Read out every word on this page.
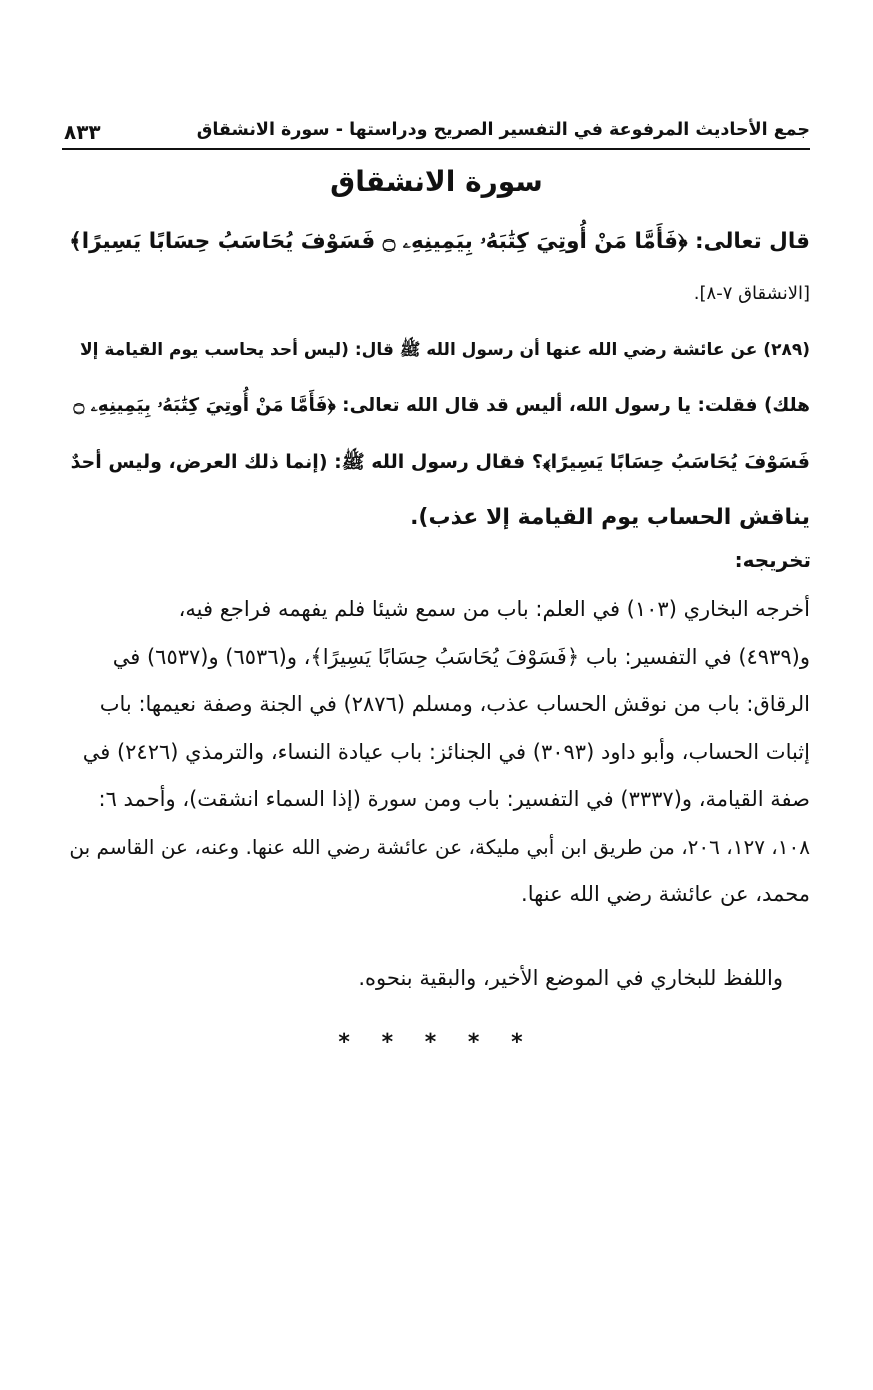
جمع الأحاديث المرفوعة في التفسير الصريح ودراستها - سورة الانشقاق
٨٣٣
سورة الانشقاق
قال تعالى: ﴿فَأَمَّا مَنْ أُوتِيَ كِتَٰبَهُۥ بِيَمِينِهِۦ ۝ فَسَوْفَ يُحَاسَبُ حِسَابًا يَسِيرًا﴾
[الانشقاق ٧-٨].
(٢٨٩) عن عائشة رضي الله عنها أن رسول الله ﷺ قال: (ليس أحد يحاسب يوم القيامة إلا
هلك) فقلت: يا رسول الله، أليس قد قال الله تعالى: ﴿فَأَمَّا مَنْ أُوتِيَ كِتَٰبَهُۥ بِيَمِينِهِۦ ۝
فَسَوْفَ يُحَاسَبُ حِسَابًا يَسِيرًا﴾؟ فقال رسول الله ﷺ: (إنما ذلك العرض، وليس أحدٌ
يناقش الحساب يوم القيامة إلا عذب).
تخريجه:
أخرجه البخاري (١٠٣) في العلم: باب من سمع شيئا فلم يفهمه فراجع فيه،
و(٤٩٣٩) في التفسير: باب ﴿فَسَوْفَ يُحَاسَبُ حِسَابًا يَسِيرًا﴾، و(٦٥٣٦) و(٦٥٣٧) في
الرقاق: باب من نوقش الحساب عذب، ومسلم (٢٨٧٦) في الجنة وصفة نعيمها: باب
إثبات الحساب، وأبو داود (٣٠٩٣) في الجنائز: باب عيادة النساء، والترمذي (٢٤٢٦) في
صفة القيامة، و(٣٣٣٧) في التفسير: باب ومن سورة (إذا السماء انشقت)، وأحمد ٦:
١٠٨، ١٢٧، ٢٠٦، من طريق ابن أبي مليكة، عن عائشة رضي الله عنها. وعنه، عن القاسم بن
محمد، عن عائشة رضي الله عنها.
واللفظ للبخاري في الموضع الأخير، والبقية بنحوه.
* * * * *
